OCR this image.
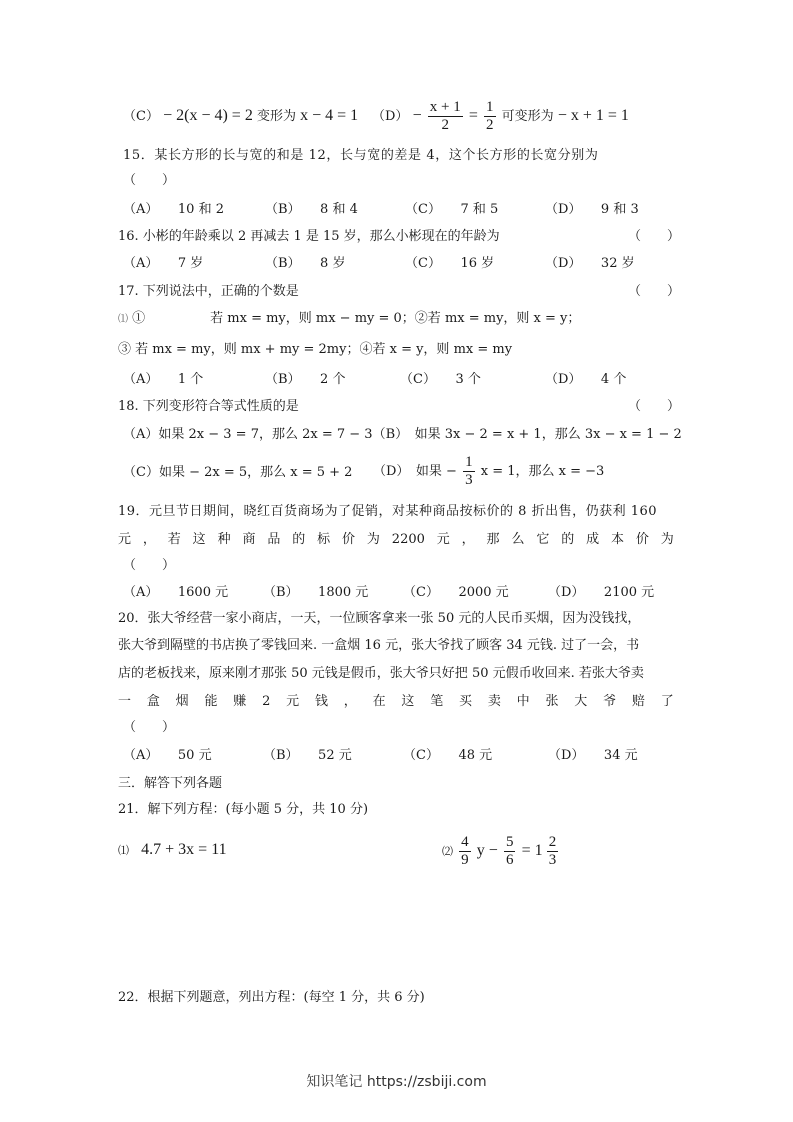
（C） − 2(x − 4) = 2 变形为 x − 4 = 1 $(D) - \frac{x + 1}{2} = \frac{1}{2}$ 可变形为 − x + 1 = 1
15．某长方形的长与宽的和是 12，长与宽的差是 4，这个长方形的长宽分别为
（　　）
（A）　　10 和 2	（B）　　8 和 4	（C）　　7 和 5	（D）　　9 和 3
16. 小彬的年龄乘以 2 再减去 1 是 15 岁，那么小彬现在的年龄为	（　　）
（A）　　7 岁	（B）　　8 岁	（C）　　16 岁	（D）　　32 岁
17. 下列说法中，正确的个数是	（　　）
⑴ ①　　　　　若 mx = my，则 mx − my = 0；②若 mx = my，则 x = y；
③ 若 mx = my，则 mx + my = 2my；④若 x = y，则 mx = my
（A）　　1 个	（B）　　2 个	（C）　　3 个	（D）　　4 个
18. 下列变形符合等式性质的是	（　　）
（A）如果 2x − 3 = 7，那么 2x = 7 − 3（B）　如果 3x − 2 = x + 1，那么 3x − x = 1 − 2
（C）如果 − 2x = 5，那么 x = 5 + 2 （D）　如果 − $\frac{1}{3}$ x = 1，那么 x = −3
19．元旦节日期间，晓红百货商场为了促销，对某种商品按标价的 8 折出售，仍获利 160
元 ， 若 这 种 商 品 的 标 价 为 2200 元 ， 那 么 它 的 成 本 价 为
（　　）
（A）　　1600 元	（B）　　1800 元	（C）　　2000 元	（D）　　2100 元
20．张大爷经营一家小商店，一天，一位顾客拿来一张 50 元的人民币买烟，因为没钱找，
张大爷到隔壁的书店换了零钱回来. 一盒烟 16 元，张大爷找了顾客 34 元钱. 过了一会，书
店的老板找来，原来刚才那张 50 元钱是假币，张大爷只好把 50 元假币收回来. 若张大爷卖
一 盒 烟 能 赚 2 元 钱 ， 在 这 笔 买 卖 中 张 大 爷 赔 了
（　　）
（A）　　50 元	（B）　　52 元	（C）　　48 元	（D）　　34 元
三．解答下列各题
21．解下列方程：(每小题 5 分，共 10 分)
⑴ 4.7 + 3x = 11	⑵ $\frac{4}{9}$ $y - \frac{5}{6} = 1 \frac{2}{3}$
22．根据下列题意，列出方程：(每空 1 分，共 6 分)
知识笔记 https://zsbiji.com
